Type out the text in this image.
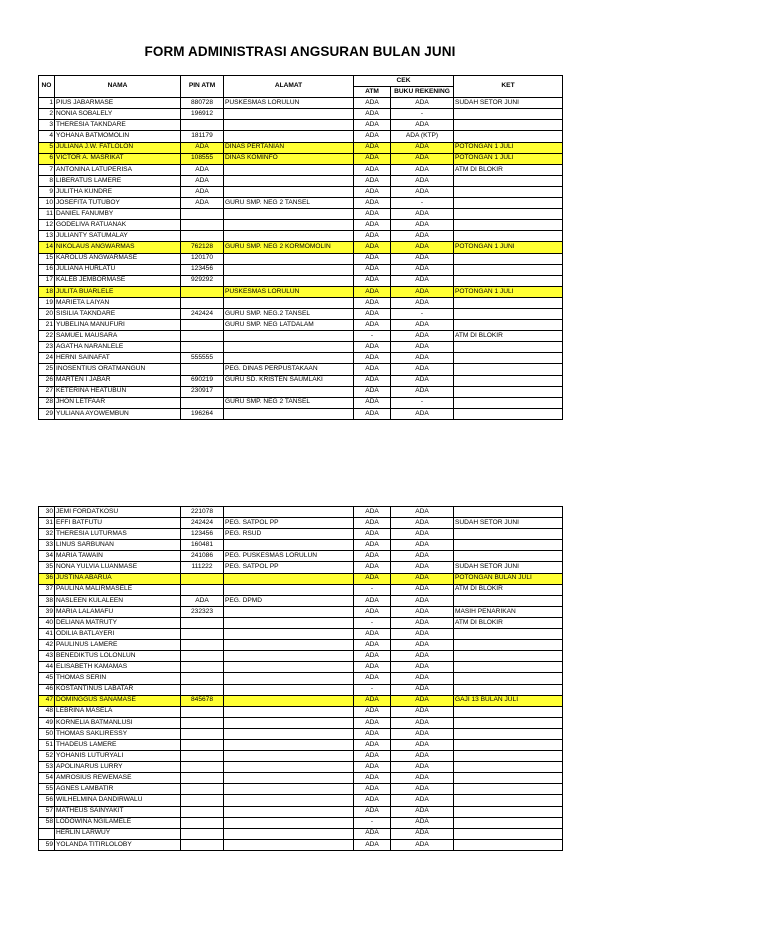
FORM ADMINISTRASI ANGSURAN BULAN JUNI
NO	NAMA	PIN ATM	ALAMAT	CEK		KET
				ATM	BUKU REKENING	
1	PIUS JABARMASE	880728	PUSKESMAS LORULUN	ADA	ADA	SUDAH SETOR JUNI
2	NONIA SOBALELY	196912		ADA	-	
3	THERESIA TAKNDARE			ADA	ADA	
4	YOHANA BATMOMOLIN	181179		ADA	ADA (KTP)	
5	JULIANA J.W. FATLOLON	ADA	DINAS PERTANIAN	ADA	ADA	POTONGAN 1 JULI
6	VICTOR A. MASRIKAT	108555	DINAS KOMINFO	ADA	ADA	POTONGAN 1 JULI
7	ANTONINA LATUPERISA	ADA		ADA	ADA	ATM DI BLOKIR
8	LIBERATUS LAMERE	ADA		ADA	ADA	
9	JULITHA KUNDRE	ADA		ADA	ADA	
10	JOSEFITA TUTUBOY	ADA	GURU SMP. NEG 2 TANSEL	ADA	-	
11	DANIEL FANUMBY			ADA	ADA	
12	GODELIVA RATUANAK			ADA	ADA	
13	JULIANTY SATUMALAY			ADA	ADA	
14	NIKOLAUS ANGWARMAS	762128	GURU SMP. NEG 2 KORMOMOLIN	ADA	ADA	POTONGAN 1 JUNI
15	KAROLUS ANGWARMASE	120170		ADA	ADA	
16	JULIANA HURLATU	123456		ADA	ADA	
17	KALEB JEMBORMASE	929292		ADA	ADA	
18	JULITA BUARLELE		PUSKESMAS LORULUN	ADA	ADA	POTONGAN 1 JULI
19	MARIETA LAIYAN			ADA	ADA	
20	SISILIA TAKNDARE	242424	GURU SMP. NEG.2 TANSEL	ADA	-	
21	YUBELINA MANUFURI		GURU SMP. NEG LATDALAM	ADA	ADA	
22	SAMUEL MAUSARA			-	ADA	ATM DI BLOKIR
23	AGATHA NARANLELE			ADA	ADA	
24	HERNI SAINAFAT	555555		ADA	ADA	
25	INOSENTIUS ORATMANGUN		PEG. DINAS PERPUSTAKAAN	ADA	ADA	
26	MARTEN I JABAR	690219	GURU SD. KRISTEN SAUMLAKI	ADA	ADA	
27	KETERINA HEATUBUN	230917		ADA	ADA	
28	JHON LETFAAR		GURU SMP. NEG 2 TANSEL	ADA	-	
29	YULIANA AYOWEMBUN	196264		ADA	ADA	
30	JEMI FORDATKOSU	221078		ADA	ADA	
31	EFFI BATFUTU	242424	PEG. SATPOL PP	ADA	ADA	SUDAH SETOR JUNI
32	THERESIA LUTURMAS	123456	PEG. RSUD	ADA	ADA	
33	LINUS SARBUNAN	160481		ADA	ADA	
34	MARIA TAWAIN	241086	PEG. PUSKESMAS LORULUN	ADA	ADA	
35	NONA YULVIA LUANMASE	111222	PEG. SATPOL PP	ADA	ADA	SUDAH SETOR JUNI
36	JUSTINA ABARUA			ADA	ADA	POTONGAN BULAN JULI
37	PAULINA MALIRMASELE			-	ADA	ATM DI BLOKIR
38	NASLEEN KULALEEN	ADA	PEG. DPMD	ADA	ADA	
39	MARIA LALAMAFU	232323		ADA	ADA	MASIH PENARIKAN
40	DELIANA MATRUTY			-	ADA	ATM DI BLOKIR
41	ODILIA BATLAYERI			ADA	ADA	
42	PAULINUS LAMERE			ADA	ADA	
43	BENEDIKTUS LOLONLUN			ADA	ADA	
44	ELISABETH KAMAMAS			ADA	ADA	
45	THOMAS SERIN			ADA	ADA	
46	KOSTANTINUS LABATAR			-	ADA	
47	DOMINGGUS SANAMASE	845678		ADA	ADA	GAJI 13 BULAN JULI
48	LEBRINA MASELA			ADA	ADA	
49	KORNELIA BATMANLUSI			ADA	ADA	
50	THOMAS SAKLIRESSY			ADA	ADA	
51	THADEUS LAMERE			ADA	ADA	
52	YOHANIS LUTURYALI			ADA	ADA	
53	APOLINARUS LURRY			ADA	ADA	
54	AMROSIUS REWEMASE			ADA	ADA	
55	AGNES LAMBATIR			ADA	ADA	
56	WILHELMINA DANDIRWALU			ADA	ADA	
57	MATHEUS SAINYAKIT			ADA	ADA	
58	LODOWINA NGILAMELE			-	ADA	
	HERLIN LARWUY			ADA	ADA	
59	YOLANDA TITIRLOLOBY			ADA	ADA	
